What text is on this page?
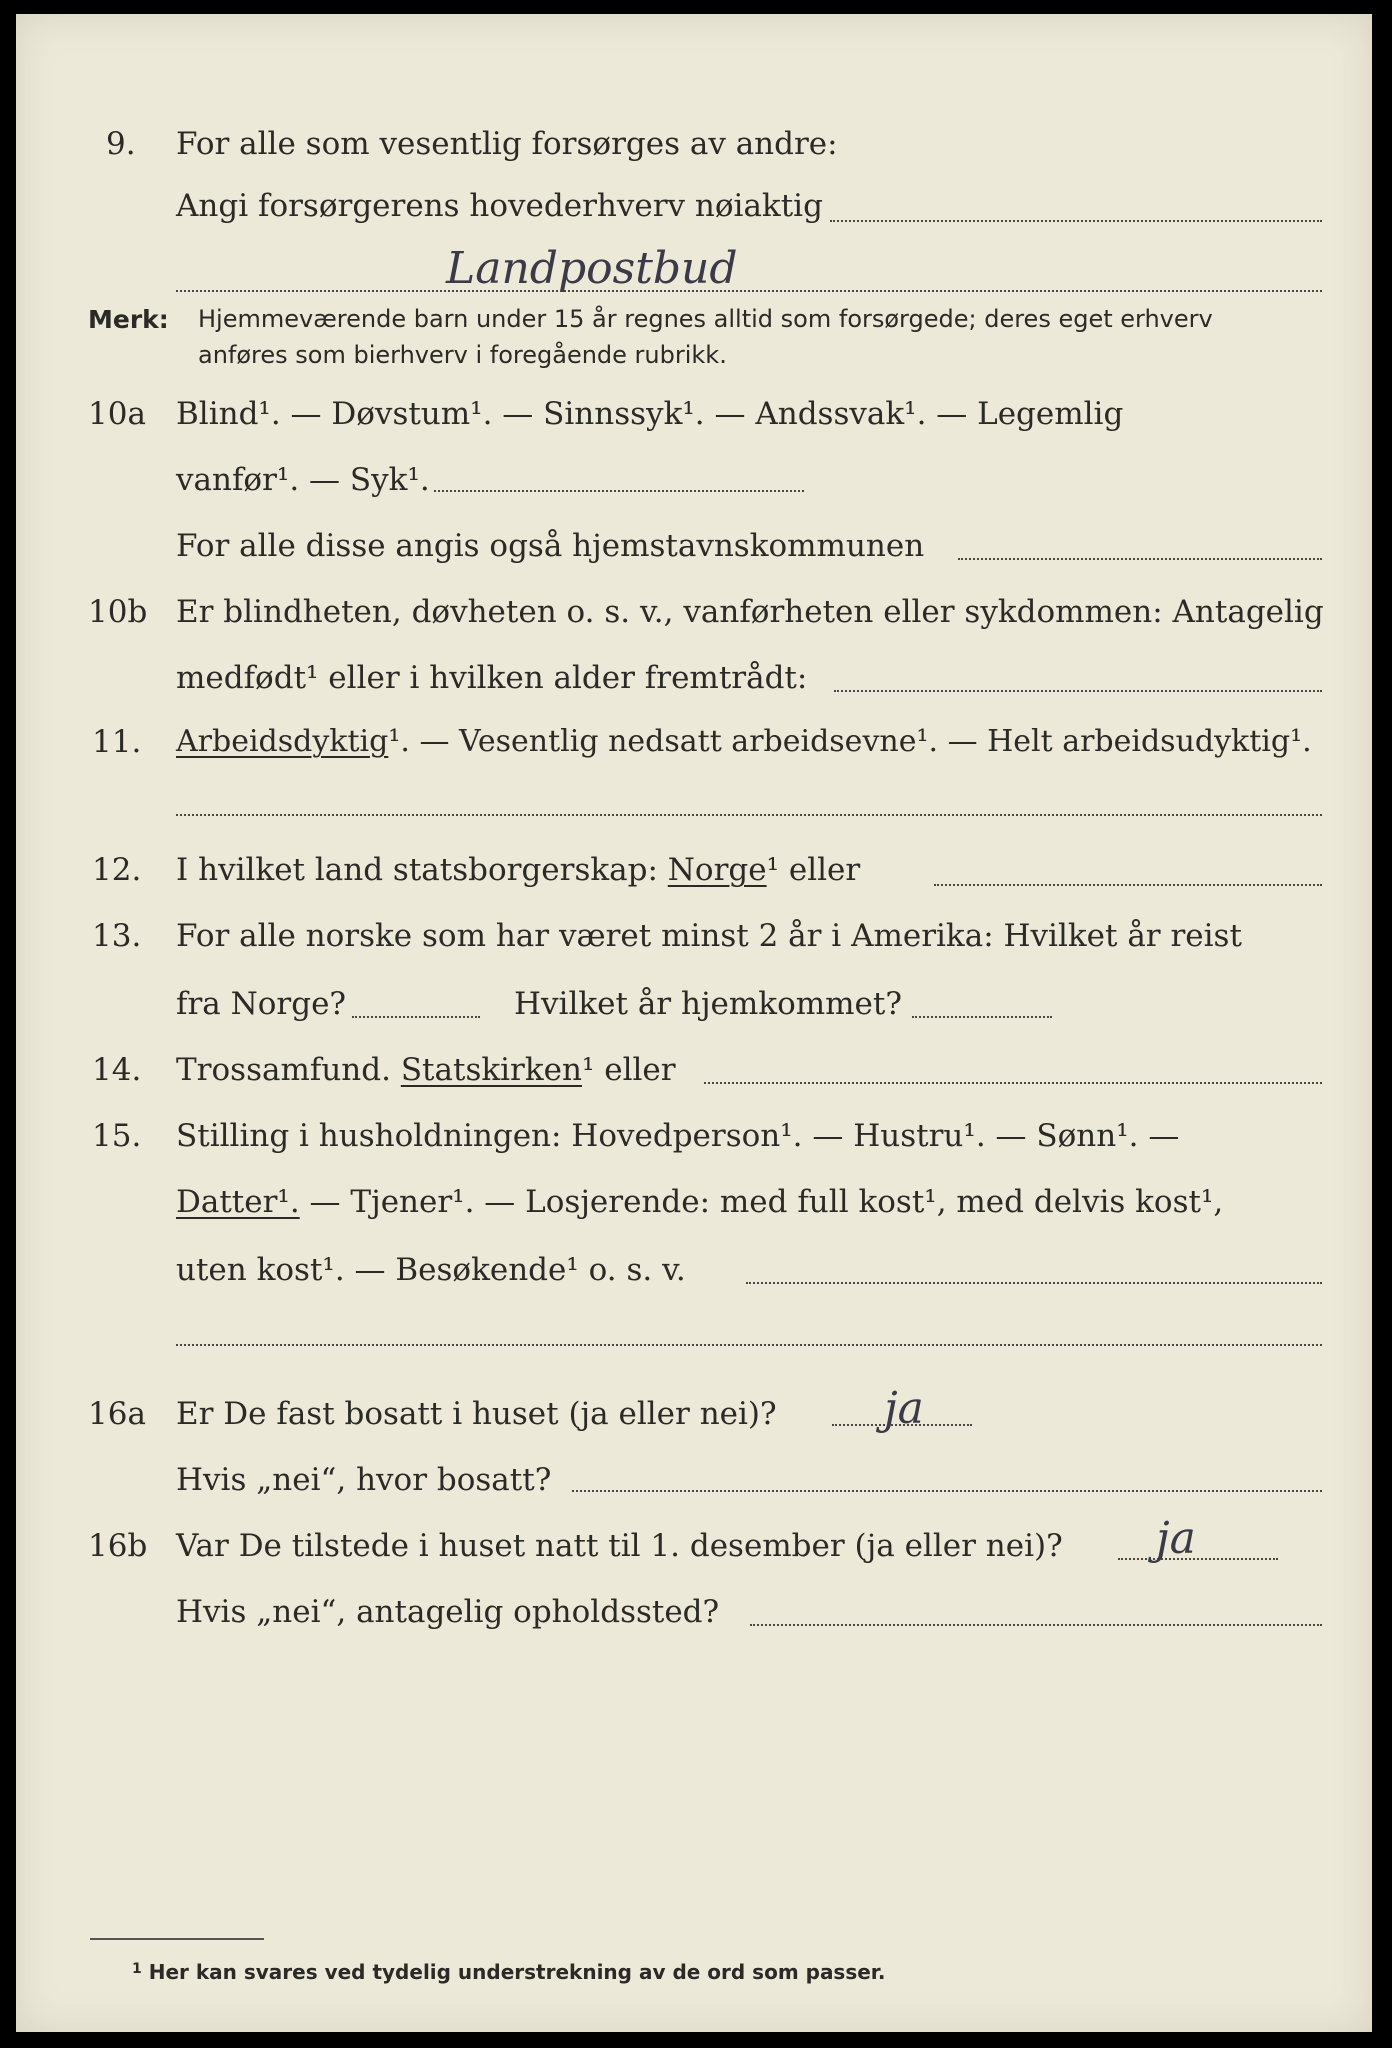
9. For alle som vesentlig forsørges av andre:
Angi forsørgerens hovederhverv nøiaktig
Landpostbud
Merk: Hjemmeværende barn under 15 år regnes alltid som forsørgede; deres eget erhverv
anføres som bierhverv i foregående rubrikk.
10a Blind¹. — Døvstum¹. — Sinnssyk¹. — Andssvak¹. — Legemlig
vanfør¹. — Syk¹.
For alle disse angis også hjemstavnskommunen
10b Er blindheten, døvheten o. s. v., vanførheten eller sykdommen: Antagelig
medfødt¹ eller i hvilken alder fremtrådt:
11. Arbeidsdyktig¹. — Vesentlig nedsatt arbeidsevne¹. — Helt arbeidsudyktig¹.
12. I hvilket land statsborgerskap: Norge¹ eller
13. For alle norske som har været minst 2 år i Amerika: Hvilket år reist
fra Norge?	Hvilket år hjemkommet?
14. Trossamfund. Statskirken¹ eller
15. Stilling i husholdningen: Hovedperson¹. — Hustru¹. — Sønn¹. —
Datter¹. — Tjener¹. — Losjerende: med full kost¹, med delvis kost¹,
uten kost¹. — Besøkende¹ o. s. v.
16a Er De fast bosatt i huset (ja eller nei)? ja
Hvis „nei“, hvor bosatt?
16b Var De tilstede i huset natt til 1. desember (ja eller nei)? ja
Hvis „nei“, antagelig opholdssted?
$^1$ Her kan svares ved tydelig understrekning av de ord som passer.
